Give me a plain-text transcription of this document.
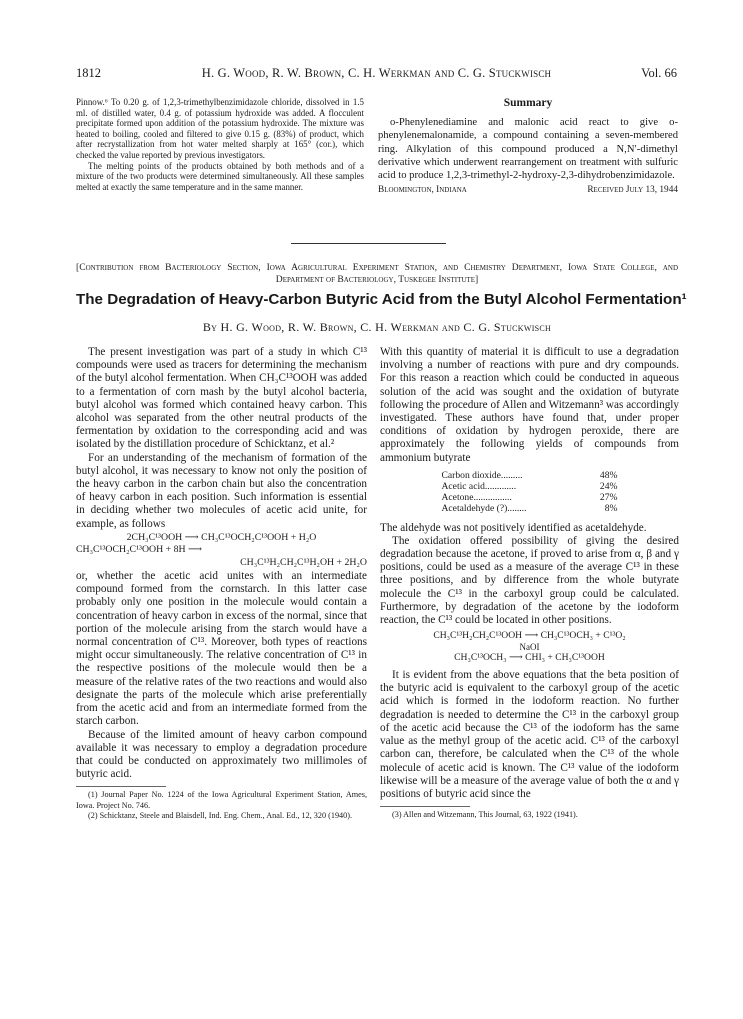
1812	H. G. Wood, R. W. Brown, C. H. Werkman and C. G. Stuckwisch	Vol. 66

Pinnow.⁶ To 0.20 g. of 1,2,3-trimethylbenzimidazole chloride, dissolved in 1.5 ml. of distilled water, 0.4 g. of potassium hydroxide was added. A flocculent precipitate formed upon addition of the potassium hydroxide. The mixture was heated to boiling, cooled and filtered to give 0.15 g. (83%) of product, which after recrystallization from hot water melted sharply at 165° (cor.), which checked the value reported by previous investigators.

The melting points of the products obtained by both methods and of a mixture of the two products were determined simultaneously. All these samples melted at exactly the same temperature and in the same manner.

Summary

o-Phenylenediamine and malonic acid react to give o-phenylenemalonamide, a compound containing a seven-membered ring. Alkylation of this compound produced a N,N′-dimethyl derivative which underwent rearrangement on treatment with sulfuric acid to produce 1,2,3-trimethyl-2-hydroxy-2,3-dihydrobenzimidazole.

Bloomington, Indiana	Received July 13, 1944
[Contribution from Bacteriology Section, Iowa Agricultural Experiment Station, and Chemistry Department, Iowa State College, and Department of Bacteriology, Tuskegee Institute]
The Degradation of Heavy-Carbon Butyric Acid from the Butyl Alcohol Fermentation¹
By H. G. Wood, R. W. Brown, C. H. Werkman and C. G. Stuckwisch

The present investigation was part of a study in which C¹³ compounds were used as tracers for determining the mechanism of the butyl alcohol fermentation. When CH₃C¹³OOH was added to a fermentation of corn mash by the butyl alcohol bacteria, butyl alcohol was formed which contained heavy carbon. This alcohol was separated from the other neutral products of the fermentation by oxidation to the corresponding acid and was isolated by the distillation procedure of Schicktanz, et al.²

For an understanding of the mechanism of formation of the butyl alcohol, it was necessary to know not only the position of the heavy carbon in the carbon chain but also the concentration of heavy carbon in each position. Such information is essential in deciding whether two molecules of acetic acid unite, for example, as follows

2CH₃C¹³OOH ⟶ CH₃C¹³OCH₂C¹³OOH + H₂O
CH₃C¹³OCH₂C¹³OOH + 8H ⟶
CH₃C¹³H₂CH₂C¹³H₂OH + 2H₂O

or, whether the acetic acid unites with an intermediate compound formed from the cornstarch. In this latter case probably only one position in the molecule would contain a concentration of heavy carbon in excess of the normal, since that portion of the molecule arising from the starch would have a normal concentration of C¹³. Moreover, both types of reactions might occur simultaneously. The relative concentration of C¹³ in the respective positions of the molecule would then be a measure of the relative rates of the two reactions and would also designate the parts of the molecule which arise preferentially from the acetic acid and from an intermediate formed from the starch carbon.

Because of the limited amount of heavy carbon compound available it was necessary to employ a degradation procedure that could be conducted on approximately two millimoles of butyric acid.

(1) Journal Paper No. 1224 of the Iowa Agricultural Experiment Station, Ames, Iowa. Project No. 746.

(2) Schicktanz, Steele and Blaisdell, Ind. Eng. Chem., Anal. Ed., 12, 320 (1940).

With this quantity of material it is difficult to use a degradation involving a number of reactions with pure and dry compounds. For this reason a reaction which could be conducted in aqueous solution of the acid was sought and the oxidation of butyrate following the procedure of Allen and Witzemann³ was accordingly investigated. These authors have found that, under proper conditions of oxidation by hydrogen peroxide, there are approximately the following yields of compounds from ammonium butyrate

Carbon dioxide.........	48%
Acetic acid.............	24%
Acetone................	27%
Acetaldehyde (?)........	8%

The aldehyde was not positively identified as acetaldehyde.

The oxidation offered possibility of giving the desired degradation because the acetone, if proved to arise from α, β and γ positions, could be used as a measure of the average C¹³ in these three positions, and by difference from the whole butyrate molecule the C¹³ in the carboxyl group could be calculated. Furthermore, by degradation of the acetone by the iodoform reaction, the C¹³ could be located in other positions.

CH₃C¹³H₂CH₂C¹³OOH ⟶ CH₃C¹³OCH₃ + C¹³O₂
NaOI
CH₃C¹³OCH₃ ⟶ CHI₃ + CH₃C¹³OOH

It is evident from the above equations that the beta position of the butyric acid is equivalent to the carboxyl group of the acetic acid which is formed in the iodoform reaction. No further degradation is needed to determine the C¹³ in the carboxyl group of the acetic acid because the C¹³ of the iodoform has the same value as the methyl group of the acetic acid. C¹³ of the carboxyl carbon can, therefore, be calculated when the C¹³ of the whole molecule of acetic acid is known. The C¹³ value of the iodoform likewise will be a measure of the average value of both the α and γ positions of butyric acid since the

(3) Allen and Witzemann, This Journal, 63, 1922 (1941).
